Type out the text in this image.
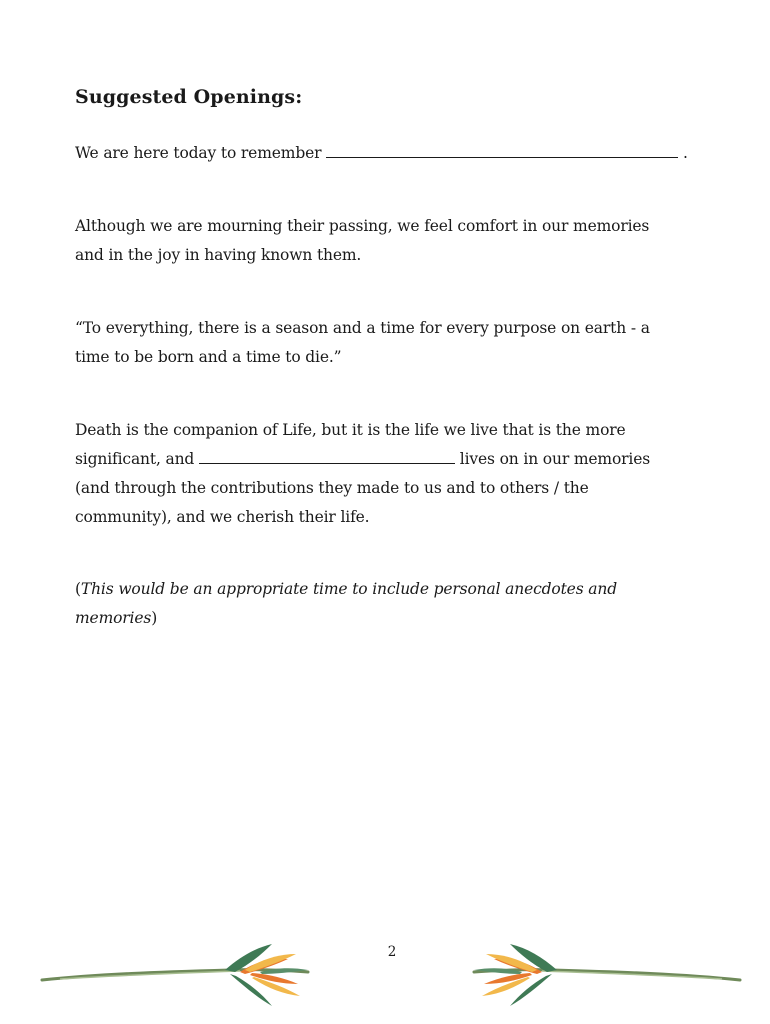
Suggested Openings:

We are here today to remember	.

Although we are mourning their passing, we feel comfort in our memories
and in the joy in having known them.

“To everything, there is a season and a time for every purpose on earth - a
time to be born and a time to die.”

Death is the companion of Life, but it is the life we live that is the more
significant, and	lives on in our memories
(and through the contributions they made to us and to others / the
community), and we cherish their life.

(This would be an appropriate time to include personal anecdotes and
memories)

2
